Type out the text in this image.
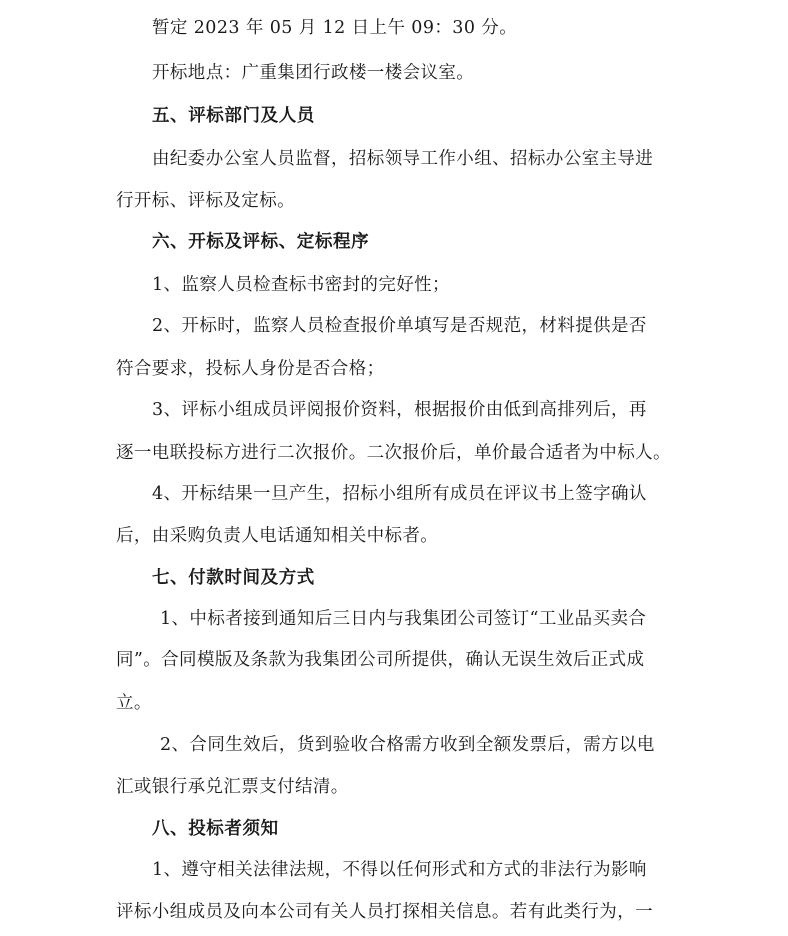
暂定 2023 年 05 月 12 日上午 09：30 分。
开标地点：广重集团行政楼一楼会议室。
五、评标部门及人员
由纪委办公室人员监督，招标领导工作小组、招标办公室主导进
行开标、评标及定标。
六、开标及评标、定标程序
1、监察人员检查标书密封的完好性；
2、开标时，监察人员检查报价单填写是否规范，材料提供是否
符合要求，投标人身份是否合格；
3、评标小组成员评阅报价资料，根据报价由低到高排列后，再
逐一电联投标方进行二次报价。二次报价后，单价最合适者为中标人。
4、开标结果一旦产生，招标小组所有成员在评议书上签字确认
后，由采购负责人电话通知相关中标者。
七、付款时间及方式
1、中标者接到通知后三日内与我集团公司签订“工业品买卖合
同”。合同模版及条款为我集团公司所提供，确认无误生效后正式成
立。
2、合同生效后，货到验收合格需方收到全额发票后，需方以电
汇或银行承兑汇票支付结清。
八、投标者须知
1、遵守相关法律法规，不得以任何形式和方式的非法行为影响
评标小组成员及向本公司有关人员打探相关信息。若有此类行为，一
